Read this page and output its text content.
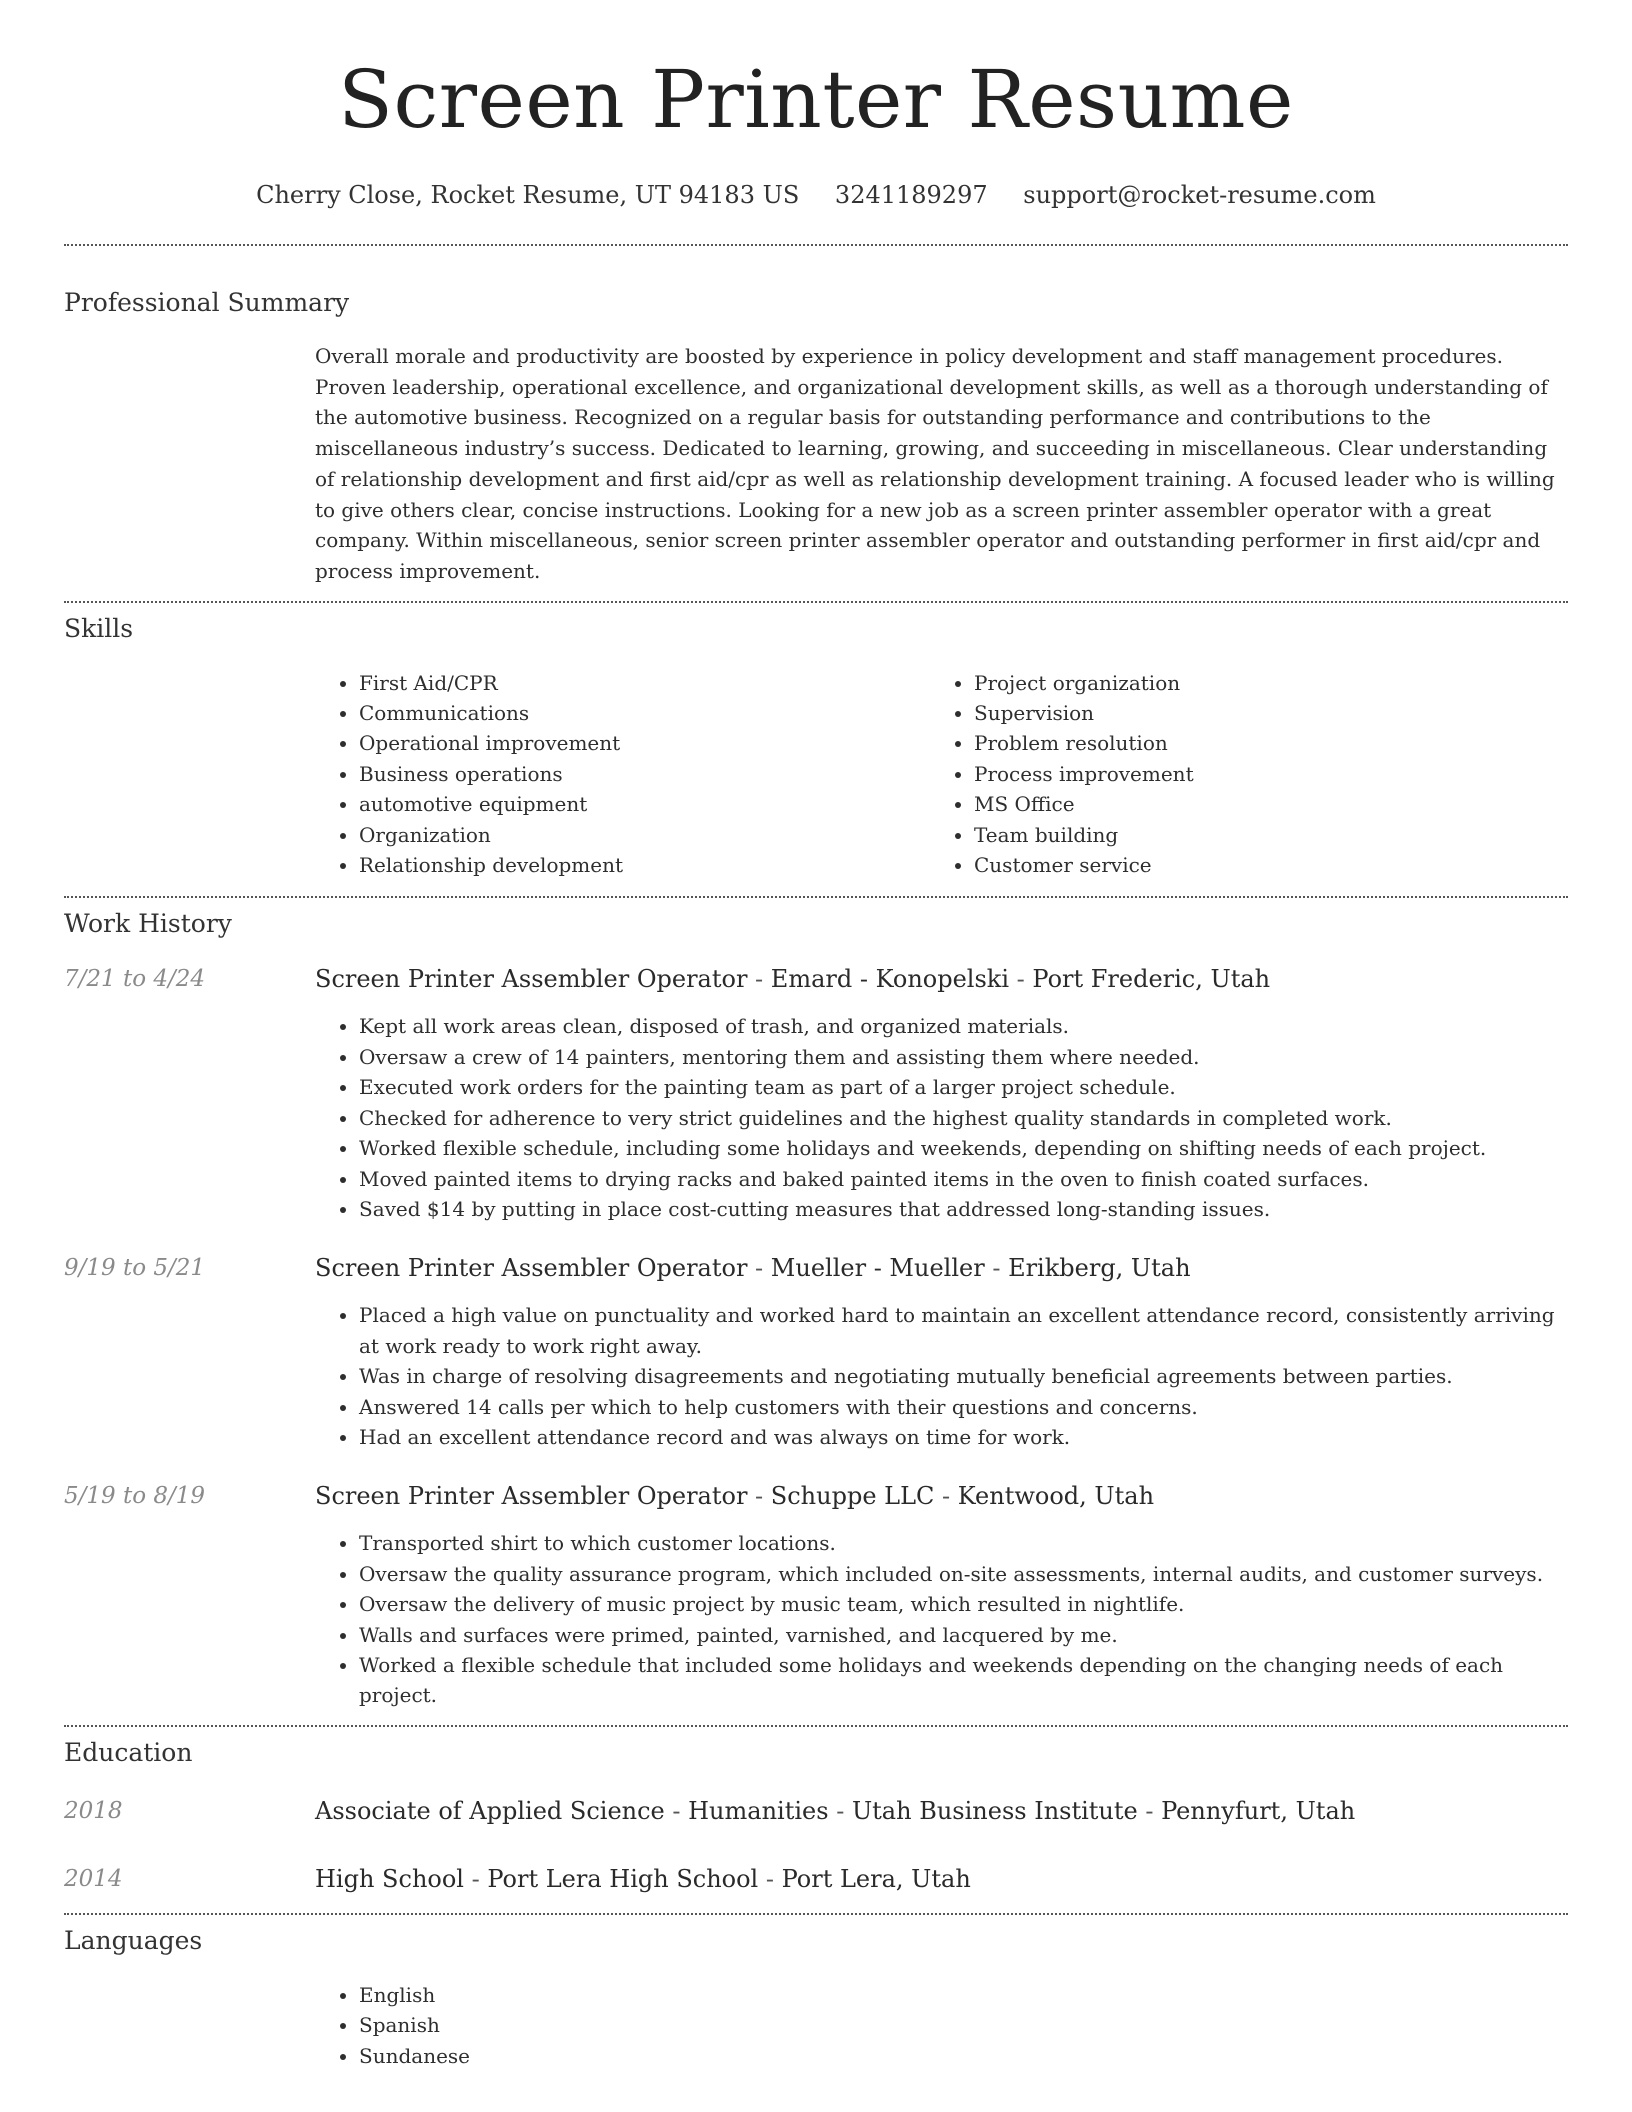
Screen Printer Resume
Cherry Close, Rocket Resume, UT 94183 US 3241189297 support@rocket-resume.com
Professional Summary

Overall morale and productivity are boosted by experience in policy development and staff management procedures. Proven leadership, operational excellence, and organizational development skills, as well as a thorough understanding of the automotive business. Recognized on a regular basis for outstanding performance and contributions to the miscellaneous industry’s success. Dedicated to learning, growing, and succeeding in miscellaneous. Clear understanding of relationship development and first aid/cpr as well as relationship development training. A focused leader who is willing to give others clear, concise instructions. Looking for a new job as a screen printer assembler operator with a great company. Within miscellaneous, senior screen printer assembler operator and outstanding performer in first aid/cpr and process improvement.

Skills
• First Aid/CPR
• Communications
• Operational improvement
• Business operations
• automotive equipment
• Organization
• Relationship development
• Project organization
• Supervision
• Problem resolution
• Process improvement
• MS Office
• Team building
• Customer service
Work History
7/21 to 4/24	Screen Printer Assembler Operator - Emard - Konopelski - Port Frederic, Utah
• Kept all work areas clean, disposed of trash, and organized materials.
• Oversaw a crew of 14 painters, mentoring them and assisting them where needed.
• Executed work orders for the painting team as part of a larger project schedule.
• Checked for adherence to very strict guidelines and the highest quality standards in completed work.
• Worked flexible schedule, including some holidays and weekends, depending on shifting needs of each project.
• Moved painted items to drying racks and baked painted items in the oven to finish coated surfaces.
• Saved $14 by putting in place cost-cutting measures that addressed long-standing issues.
9/19 to 5/21	Screen Printer Assembler Operator - Mueller - Mueller - Erikberg, Utah
• Placed a high value on punctuality and worked hard to maintain an excellent attendance record, consistently arriving at work ready to work right away.
• Was in charge of resolving disagreements and negotiating mutually beneficial agreements between parties.
• Answered 14 calls per which to help customers with their questions and concerns.
• Had an excellent attendance record and was always on time for work.
5/19 to 8/19	Screen Printer Assembler Operator - Schuppe LLC - Kentwood, Utah
• Transported shirt to which customer locations.
• Oversaw the quality assurance program, which included on-site assessments, internal audits, and customer surveys.
• Oversaw the delivery of music project by music team, which resulted in nightlife.
• Walls and surfaces were primed, painted, varnished, and lacquered by me.
• Worked a flexible schedule that included some holidays and weekends depending on the changing needs of each project.
Education
2018	Associate of Applied Science - Humanities - Utah Business Institute - Pennyfurt, Utah
2014	High School - Port Lera High School - Port Lera, Utah
Languages
• English
• Spanish
• Sundanese
